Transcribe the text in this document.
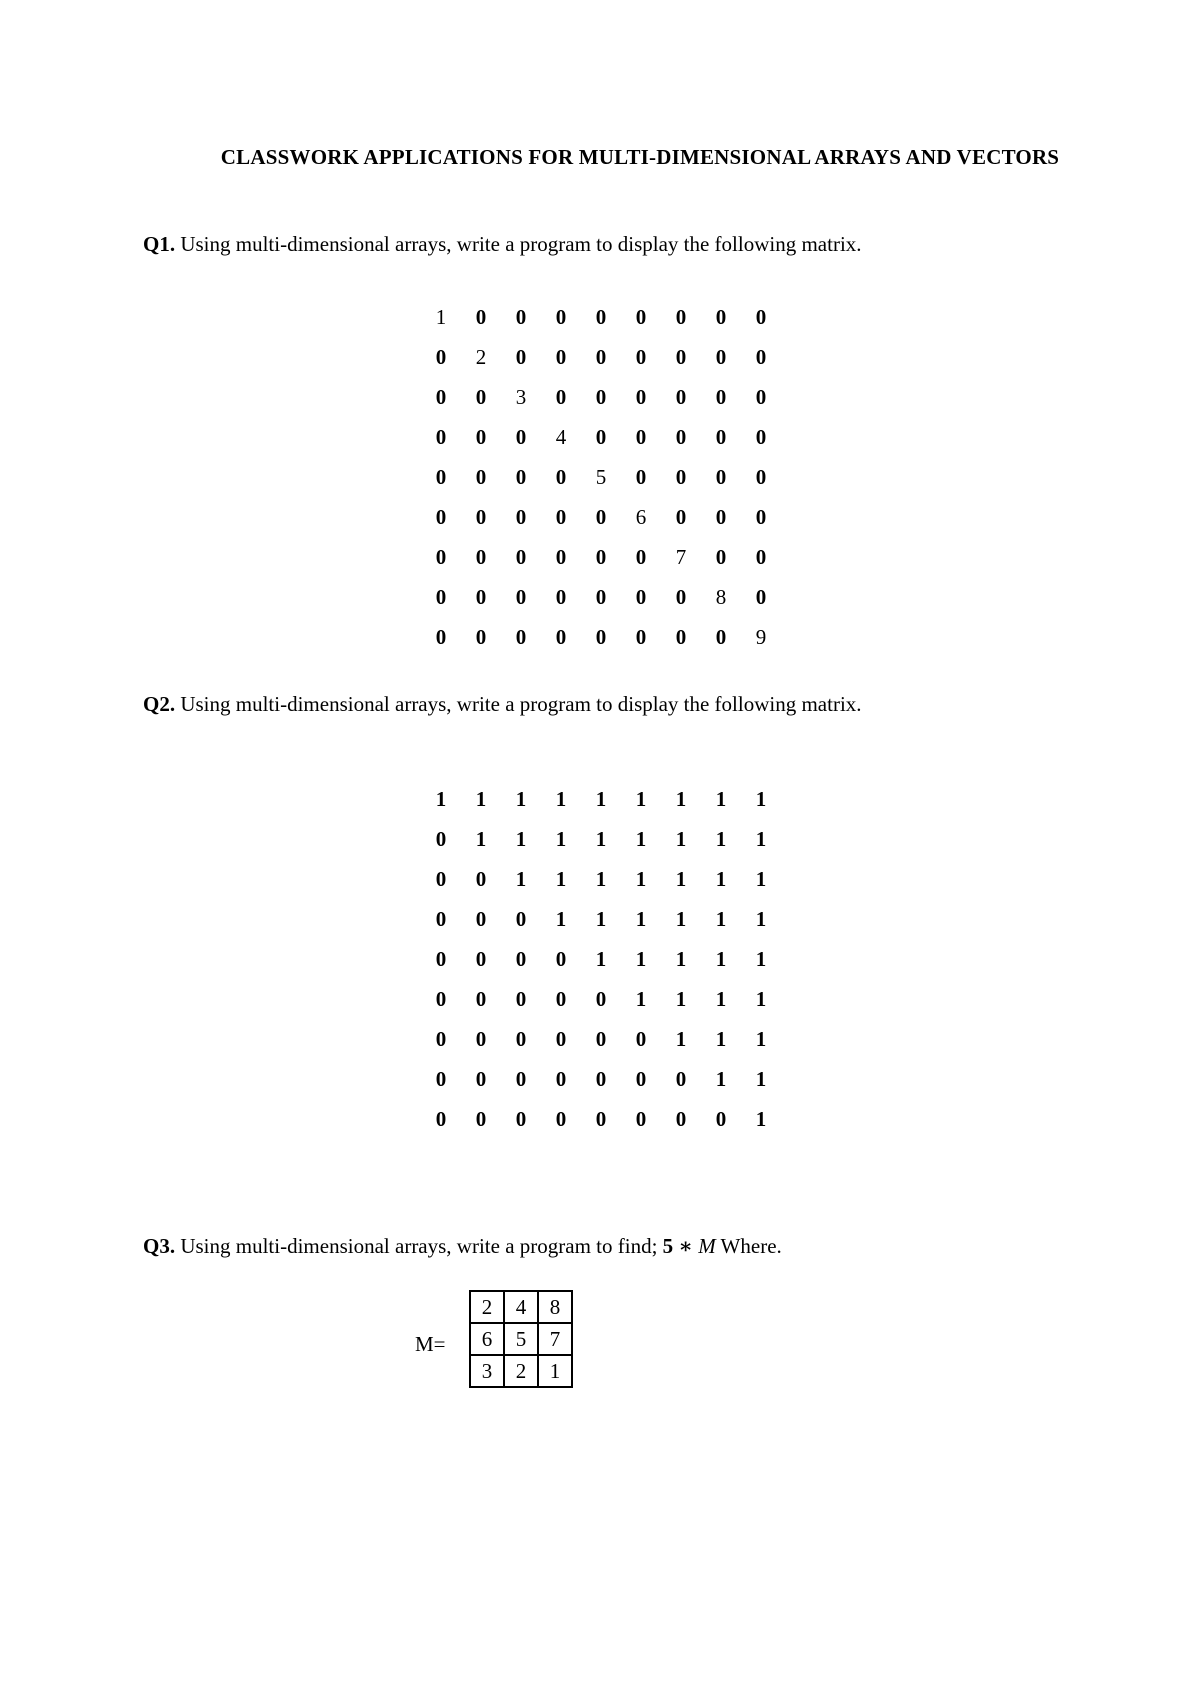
CLASSWORK APPLICATIONS FOR MULTI-DIMENSIONAL ARRAYS AND VECTORS
Q1. Using multi-dimensional arrays, write a program to display the following matrix.
1	0	0	0	0	0	0	0	0
0	2	0	0	0	0	0	0	0
0	0	3	0	0	0	0	0	0
0	0	0	4	0	0	0	0	0
0	0	0	0	5	0	0	0	0
0	0	0	0	0	6	0	0	0
0	0	0	0	0	0	7	0	0
0	0	0	0	0	0	0	8	0
0	0	0	0	0	0	0	0	9
Q2. Using multi-dimensional arrays, write a program to display the following matrix.
1	1	1	1	1	1	1	1	1
0	1	1	1	1	1	1	1	1
0	0	1	1	1	1	1	1	1
0	0	0	1	1	1	1	1	1
0	0	0	0	1	1	1	1	1
0	0	0	0	0	1	1	1	1
0	0	0	0	0	0	1	1	1
0	0	0	0	0	0	0	1	1
0	0	0	0	0	0	0	0	1
Q3. Using multi-dimensional arrays, write a program to find; 5 ∗ M Where.
M=
2	4	8
6	5	7
3	2	1
